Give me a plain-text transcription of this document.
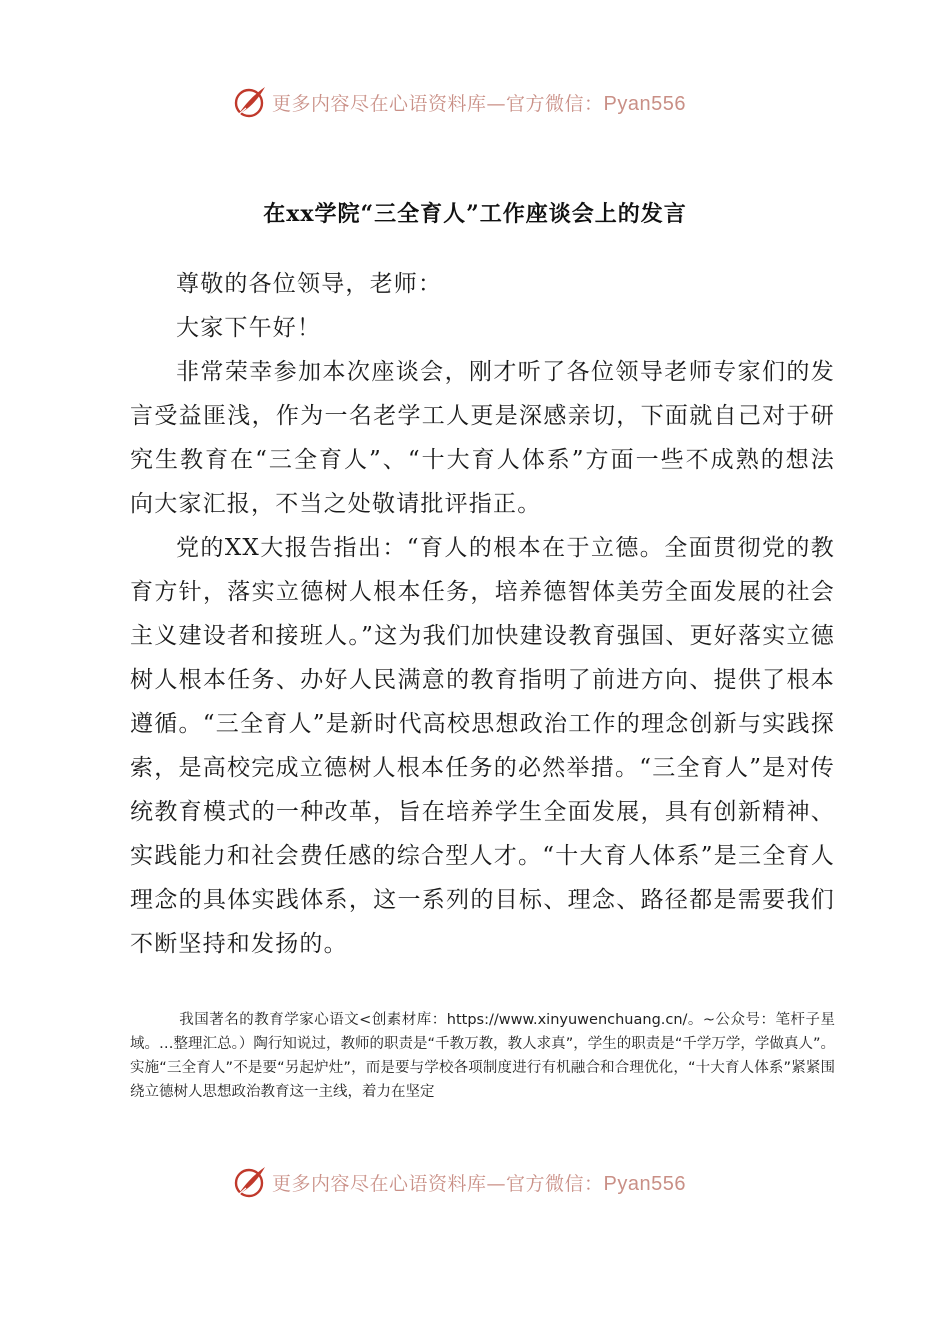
更多内容尽在心语资料库—官方微信：Pyan556
在xx学院“三全育人”工作座谈会上的发言

尊敬的各位领导，老师：

大家下午好！

非常荣幸参加本次座谈会，刚才听了各位领导老师专家们的发言受益匪浅，作为一名老学工人更是深感亲切，下面就自己对于研究生教育在“三全育人”、“十大育人体系”方面一些不成熟的想法向大家汇报，不当之处敬请批评指正。

党的XX大报告指出：“育人的根本在于立德。全面贯彻党的教育方针，落实立德树人根本任务，培养德智体美劳全面发展的社会主义建设者和接班人。”这为我们加快建设教育强国、更好落实立德树人根本任务、办好人民满意的教育指明了前进方向、提供了根本遵循。“三全育人”是新时代高校思想政治工作的理念创新与实践探索，是高校完成立德树人根本任务的必然举措。“三全育人”是对传统教育模式的一种改革，旨在培养学生全面发展，具有创新精神、实践能力和社会费任感的综合型人才。“十大育人体系”是三全育人理念的具体实践体系，这一系列的目标、理念、路径都是需要我们不断坚持和发扬的。

我国著名的教育学家心语文<创素材库：https://www.xinyuwenchuang.cn/。~公众号：笔杆子星域。…整理汇总。）陶行知说过，教师的职责是“千教万教，教人求真”，学生的职责是“千学万学，学做真人”。实施“三全育人”不是要“另起炉灶”，而是要与学校各项制度进行有机融合和合理优化，“十大育人体系”紧紧围绕立德树人思想政治教育这一主线，着力在坚定

更多内容尽在心语资料库—官方微信：Pyan556
